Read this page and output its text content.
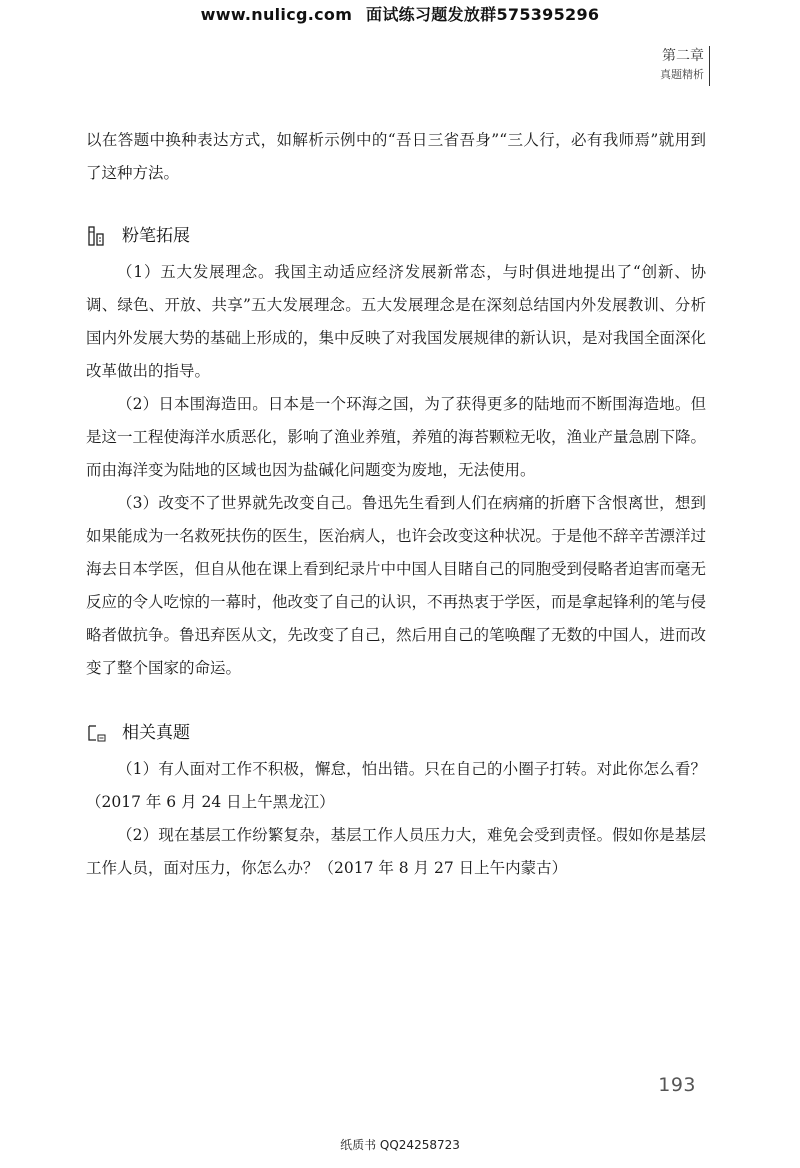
www.nulicg.com 面试练习题发放群575395296
第二章
真题精析

以在答题中换种表达方式，如解析示例中的“吾日三省吾身”“三人行，必有我师焉”就用到了这种方法。

粉笔拓展

（1）五大发展理念。我国主动适应经济发展新常态，与时俱进地提出了“创新、协调、绿色、开放、共享”五大发展理念。五大发展理念是在深刻总结国内外发展教训、分析国内外发展大势的基础上形成的，集中反映了对我国发展规律的新认识，是对我国全面深化改革做出的指导。

（2）日本围海造田。日本是一个环海之国，为了获得更多的陆地而不断围海造地。但是这一工程使海洋水质恶化，影响了渔业养殖，养殖的海苔颗粒无收，渔业产量急剧下降。而由海洋变为陆地的区域也因为盐碱化问题变为废地，无法使用。

（3）改变不了世界就先改变自己。鲁迅先生看到人们在病痛的折磨下含恨离世，想到如果能成为一名救死扶伤的医生，医治病人，也许会改变这种状况。于是他不辞辛苦漂洋过海去日本学医，但自从他在课上看到纪录片中中国人目睹自己的同胞受到侵略者迫害而毫无反应的令人吃惊的一幕时，他改变了自己的认识，不再热衷于学医，而是拿起锋利的笔与侵略者做抗争。鲁迅弃医从文，先改变了自己，然后用自己的笔唤醒了无数的中国人，进而改变了整个国家的命运。

相关真题

（1）有人面对工作不积极，懈怠，怕出错。只在自己的小圈子打转。对此你怎么看？（2017 年 6 月 24 日上午黑龙江）

（2）现在基层工作纷繁复杂，基层工作人员压力大，难免会受到责怪。假如你是基层工作人员，面对压力，你怎么办？（2017 年 8 月 27 日上午内蒙古）

193
纸质书 QQ24258723
